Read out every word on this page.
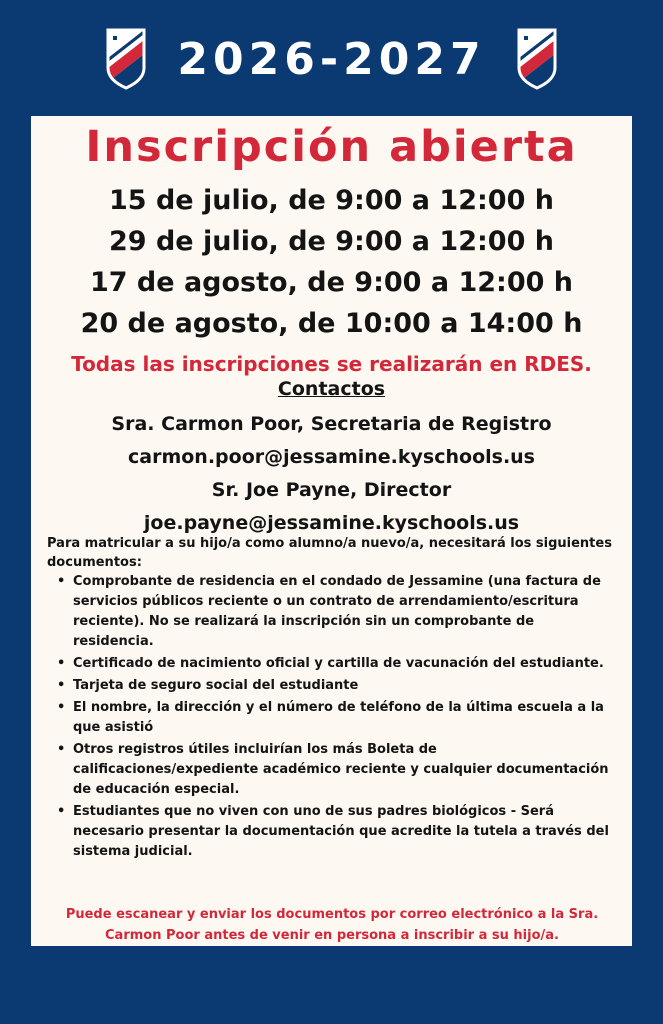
2026-2027
Inscripción abierta
15 de julio, de 9:00 a 12:00 h
29 de julio, de 9:00 a 12:00 h
17 de agosto, de 9:00 a 12:00 h
20 de agosto, de 10:00 a 14:00 h
Todas las inscripciones se realizarán en RDES.
Contactos
Sra. Carmon Poor, Secretaria de Registro
carmon.poor@jessamine.kyschools.us
Sr. Joe Payne, Director
joe.payne@jessamine.kyschools.us
Para matricular a su hijo/a como alumno/a nuevo/a, necesitará los siguientes documentos:
• Comprobante de residencia en el condado de Jessamine (una factura de servicios públicos reciente o un contrato de arrendamiento/escritura reciente). No se realizará la inscripción sin un comprobante de residencia.
• Certificado de nacimiento oficial y cartilla de vacunación del estudiante.
• Tarjeta de seguro social del estudiante
• El nombre, la dirección y el número de teléfono de la última escuela a la que asistió
• Otros registros útiles incluirían los más Boleta de calificaciones/expediente académico reciente y cualquier documentación de educación especial.
• Estudiantes que no viven con uno de sus padres biológicos - Será necesario presentar la documentación que acredite la tutela a través del sistema judicial.
Puede escanear y enviar los documentos por correo electrónico a la Sra. Carmon Poor antes de venir en persona a inscribir a su hijo/a.
